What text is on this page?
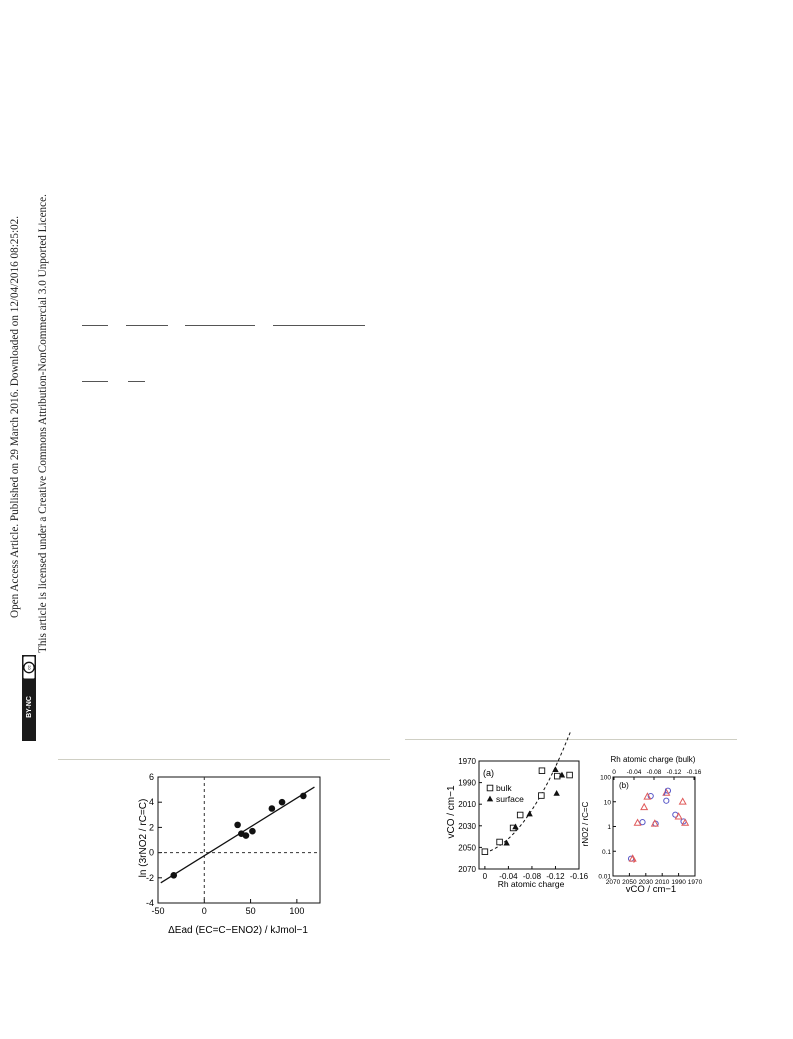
Open Access Article. Published on 29 March 2016. Downloaded on 12/04/2016 08:25:02. This article is licensed under a Creative Commons Attribution-NonCommercial 3.0 Unported Licence.
cc
BY-NC
-50	0	50	100
-4
-2
0
2
4
6
ln (3rNO2 / rC=C)
ΔEad (EC=C−ENO2) / kJmol−1
0 -0.04 -0.08 -0.12 -0.16
1970
1990
2010
2030
2050
2070
bulk
surface
(a)
vCO / cm−1
Rh atomic charge	2070 2050 2030 2010 1990 1970
0 -0.04 -0.08 -0.12 -0.16
0.01
0.1
1
10
100
Rh atomic charge (bulk)
(b)
rNO2 / rC=C
vCO / cm−1
